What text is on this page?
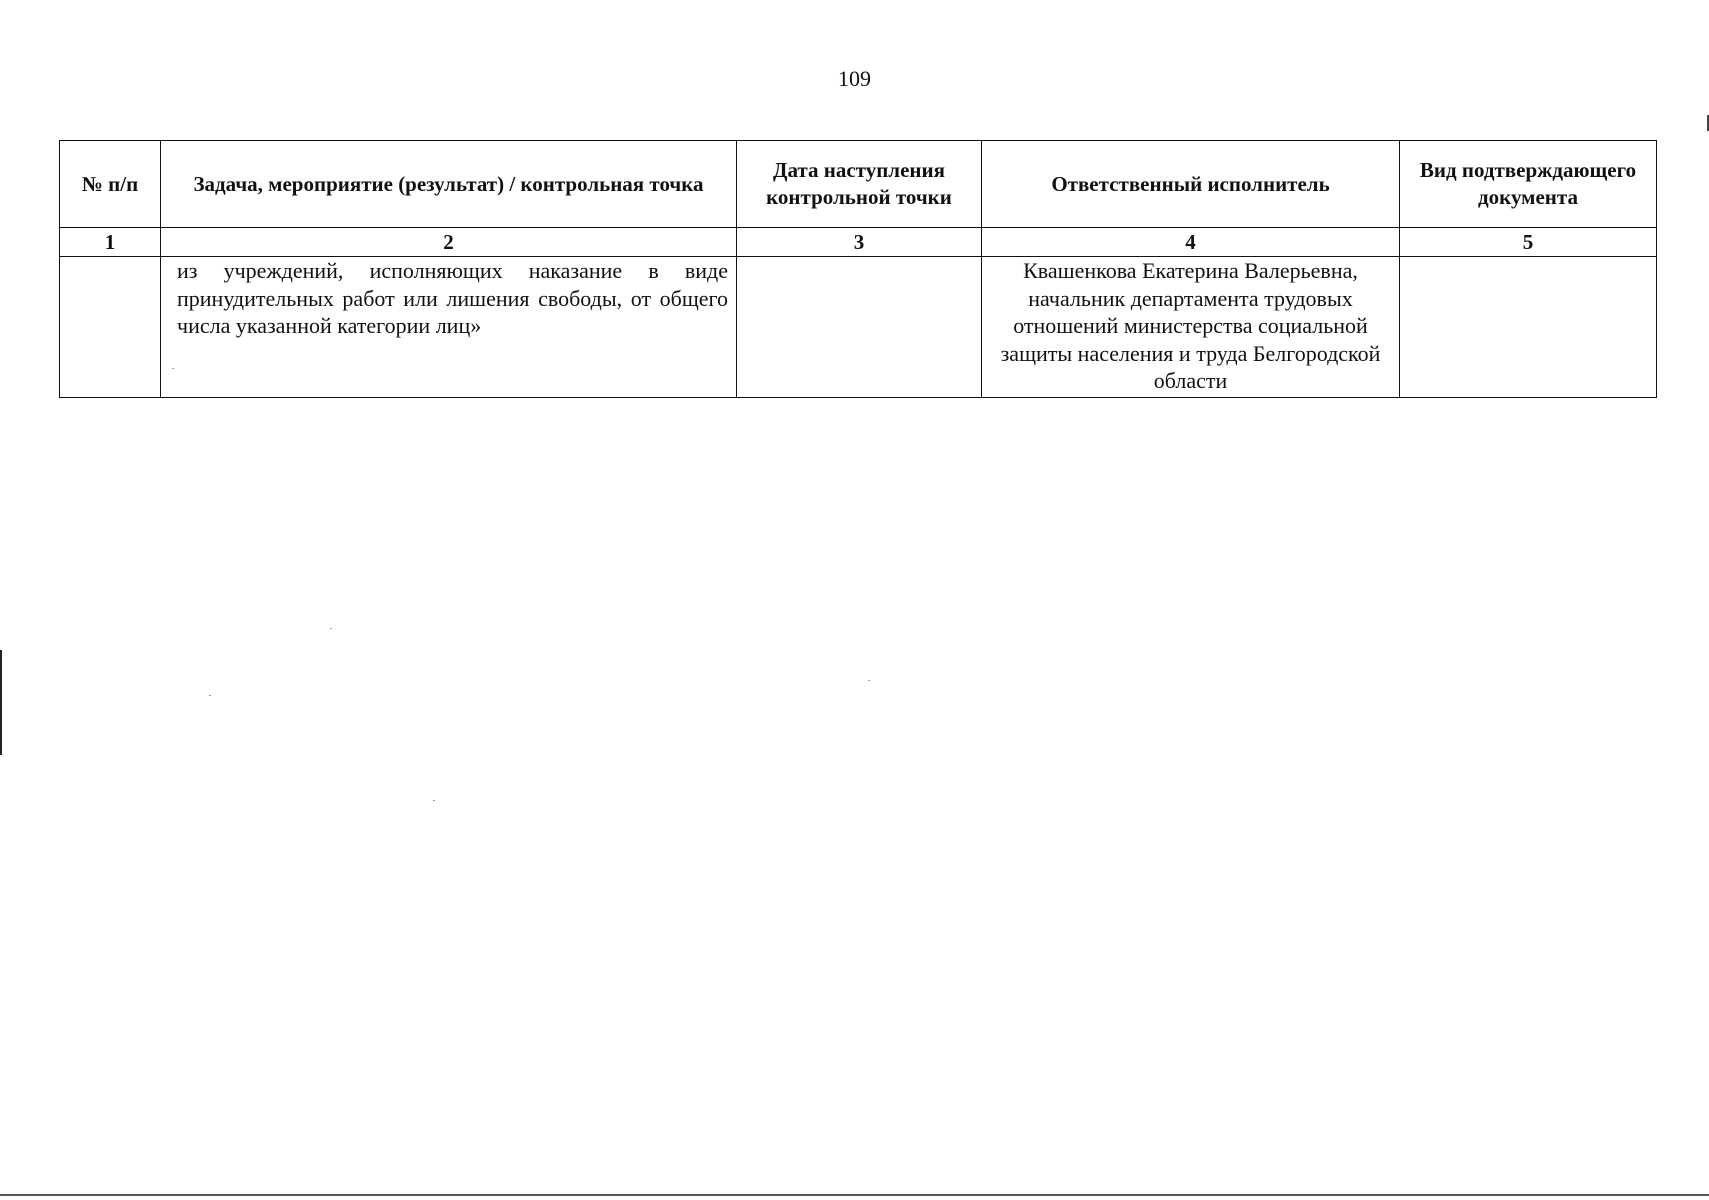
109
№ п/п	Задача, мероприятие (результат) / контрольная точка	Дата наступления контрольной точки	Ответственный исполнитель	Вид подтверждающего документа
1	2	3	4	5
	из учреждений, исполняющих наказание в виде принудительных работ или лишения свободы, от общего числа указанной категории лиц»		Квашенкова Екатерина Валерьевна, начальник департамента трудовых отношений министерства социальной защиты населения и труда Белгородской области	
